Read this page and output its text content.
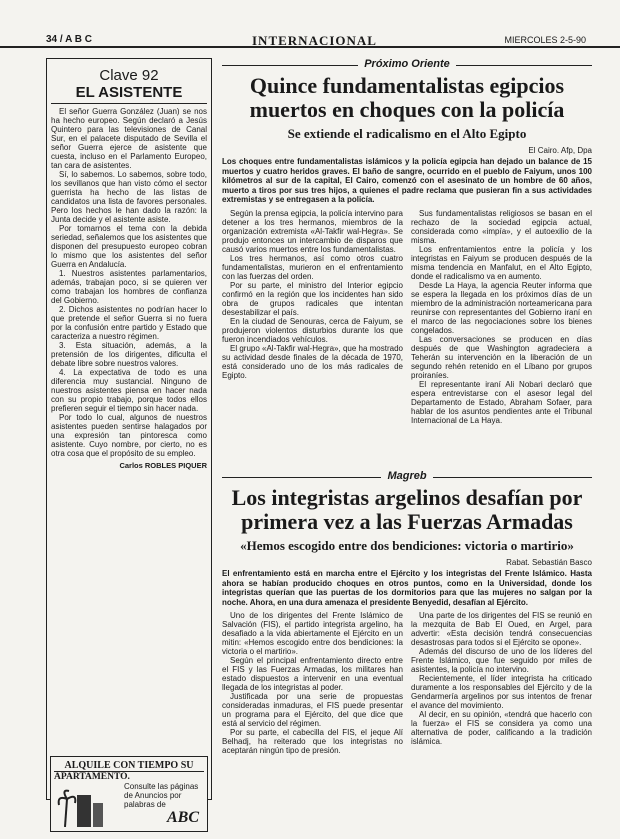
34 / A B C	INTERNACIONAL	MIERCOLES 2-5-90
Clave 92
EL ASISTENTE

El señor Guerra González (Juan) se nos ha hecho europeo. Según declaró a Jesús Quintero para las televisiones de Canal Sur, en el palacete disputado de Sevilla el señor Guerra ejerce de asistente que cuesta, incluso en el Parlamento Europeo, tan cara de asistentes.

Sí, lo sabemos. Lo sabemos, sobre todo, los sevillanos que han visto cómo el sector guerrista ha hecho de las listas de candidatos una lista de favores personales. Pero los hechos le han dado la razón: la Junta decide y el asistente asiste.

Por tomarnos el tema con la debida seriedad, señalemos que los asistentes que disponen del presupuesto europeo cobran lo mismo que los asistentes del señor Guerra en Andalucía.

1. Nuestros asistentes parlamentarios, además, trabajan poco, si se quieren ver como trabajan los hombres de confianza del Gobierno.

2. Dichos asistentes no podrían hacer lo que pretende el señor Guerra si no fuera por la confusión entre partido y Estado que caracteriza a nuestro régimen.

3. Esta situación, además, a la pretensión de los dirigentes, dificulta el debate libre sobre nuestros valores.

4. La expectativa de todo es una diferencia muy sustancial. Ninguno de nuestros asistentes piensa en hacer nada con su propio trabajo, porque todos ellos prefieren seguir el tiempo sin hacer nada.

Por todo lo cual, algunos de nuestros asistentes pueden sentirse halagados por una expresión tan pintoresca como asistente. Cuyo nombre, por cierto, no es otra cosa que el propósito de su empleo.

Carlos ROBLES PIQUER
ALQUILE CON TIEMPO SU
APARTAMENTO.
Consulte las páginas de Anuncios por palabras de
ABC
Próximo Oriente
Quince fundamentalistas egipcios muertos en choques con la policía
Se extiende el radicalismo en el Alto Egipto
El Cairo. Afp, Dpa
Los choques entre fundamentalistas islámicos y la policía egipcia han dejado un balance de 15 muertos y cuatro heridos graves. El baño de sangre, ocurrido en el pueblo de Faiyum, unos 100 kilómetros al sur de la capital, El Cairo, comenzó con el asesinato de un hombre de 60 años, muerto a tiros por sus tres hijos, a quienes el padre reclama que pusieran fin a sus actividades extremistas y se entregasen a la policía.

Según la prensa egipcia, la policía intervino para detener a los tres hermanos, miembros de la organización extremista «Al-Takfir wal-Hegra». Se produjo entonces un intercambio de disparos que causó varios muertos entre los fundamentalistas.

Los tres hermanos, así como otros cuatro fundamentalistas, murieron en el enfrentamiento con las fuerzas del orden.

Por su parte, el ministro del Interior egipcio confirmó en la región que los incidentes han sido obra de grupos radicales que intentan desestabilizar el país.

En la ciudad de Senouras, cerca de Faiyum, se produjeron violentos disturbios durante los que fueron incendiados vehículos.

El grupo «Al-Takfir wal-Hegra», que ha mostrado su actividad desde finales de la década de 1970, está considerado uno de los más radicales de Egipto.

Sus fundamentalistas religiosos se basan en el rechazo de la sociedad egipcia actual, considerada como «impía», y el autoexilio de la misma.

Los enfrentamientos entre la policía y los integristas en Faiyum se producen después de la misma tendencia en Manfalut, en el Alto Egipto, donde el radicalismo va en aumento.

Desde La Haya, la agencia Reuter informa que se espera la llegada en los próximos días de un miembro de la administración norteamericana para reunirse con representantes del Gobierno iraní en el marco de las negociaciones sobre los bienes congelados.

Las conversaciones se producen en días después de que Washington agradeciera a Teherán su intervención en la liberación de un segundo rehén retenido en el Líbano por grupos proiraníes.

El representante iraní Ali Nobari declaró que espera entrevistarse con el asesor legal del Departamento de Estado, Abraham Sofaer, para hablar de los asuntos pendientes ante el Tribunal Internacional de La Haya.

Magreb
Los integristas argelinos desafían por primera vez a las Fuerzas Armadas
«Hemos escogido entre dos bendiciones: victoria o martirio»
Rabat. Sebastián Basco
El enfrentamiento está en marcha entre el Ejército y los integristas del Frente Islámico. Hasta ahora se habían producido choques en otros puntos, como en la Universidad, donde los integristas querían que las puertas de los dormitorios para que las mujeres no salgan por la noche. Ahora, en una dura amenaza el presidente Benyedid, desafían al Ejército.

Uno de los dirigentes del Frente Islámico de Salvación (FIS), el partido integrista argelino, ha desafiado a la vida abiertamente el Ejército en un mitin: «Hemos escogido entre dos bendiciones: la victoria o el martirio».

Según el principal enfrentamiento directo entre el FIS y las Fuerzas Armadas, los militares han estado dispuestos a intervenir en una eventual llegada de los integristas al poder.

Justificada por una serie de propuestas consideradas inmaduras, el FIS puede presentar un programa para el Ejército, del que dice que está al servicio del régimen.

Por su parte, el cabecilla del FIS, el jeque Alí Belhadj, ha reiterado que los integristas no aceptarán ningún tipo de presión.

Una parte de los dirigentes del FIS se reunió en la mezquita de Bab El Oued, en Argel, para advertir: «Esta decisión tendrá consecuencias desastrosas para todos si el Ejército se opone».

Además del discurso de uno de los líderes del Frente Islámico, que fue seguido por miles de asistentes, la policía no intervino.

Recientemente, el líder integrista ha criticado duramente a los responsables del Ejército y de la Gendarmería argelinos por sus intentos de frenar el avance del movimiento.

Al decir, en su opinión, «tendrá que hacerlo con la fuerza» el FIS se considera ya como una alternativa de poder, calificando a la tradición islámica.
